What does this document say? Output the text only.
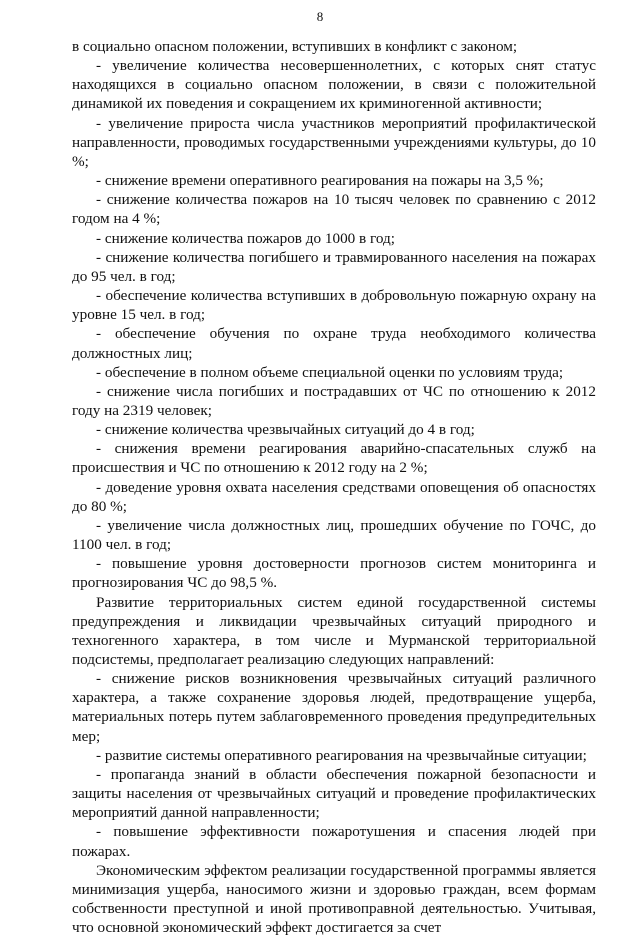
8

в социально опасном положении, вступивших в конфликт с законом;

- увеличение количества несовершеннолетних, с которых снят статус находящихся в социально опасном положении, в связи с положительной динамикой их поведения и сокращением их криминогенной активности;

- увеличение прироста числа участников мероприятий профилактической направленности, проводимых государственными учреждениями культуры, до 10 %;

- снижение времени оперативного реагирования на пожары на 3,5 %;

- снижение количества пожаров на 10 тысяч человек по сравнению с 2012 годом на 4 %;

- снижение количества пожаров до 1000 в год;

- снижение количества погибшего и травмированного населения на пожарах до 95 чел. в год;

- обеспечение количества вступивших в добровольную пожарную охрану на уровне 15 чел. в год;

- обеспечение обучения по охране труда необходимого количества должностных лиц;

- обеспечение в полном объеме специальной оценки по условиям труда;

- снижение числа погибших и пострадавших от ЧС по отношению к 2012 году на 2319 человек;

- снижение количества чрезвычайных ситуаций до 4 в год;

- снижения времени реагирования аварийно-спасательных служб на происшествия и ЧС по отношению к 2012 году на 2 %;

- доведение уровня охвата населения средствами оповещения об опасностях до 80 %;

- увеличение числа должностных лиц, прошедших обучение по ГОЧС, до 1100 чел. в год;

- повышение уровня достоверности прогнозов систем мониторинга и прогнозирования ЧС до 98,5 %.

Развитие территориальных систем единой государственной системы предупреждения и ликвидации чрезвычайных ситуаций природного и техногенного характера, в том числе и Мурманской территориальной подсистемы, предполагает реализацию следующих направлений:

- снижение рисков возникновения чрезвычайных ситуаций различного характера, а также сохранение здоровья людей, предотвращение ущерба, материальных потерь путем заблаговременного проведения предупредительных мер;

- развитие системы оперативного реагирования на чрезвычайные ситуации;

- пропаганда знаний в области обеспечения пожарной безопасности и защиты населения от чрезвычайных ситуаций и проведение профилактических мероприятий данной направленности;

- повышение эффективности пожаротушения и спасения людей при пожарах.

Экономическим эффектом реализации государственной программы является минимизация ущерба, наносимого жизни и здоровью граждан, всем формам собственности преступной и иной противоправной деятельностью. Учитывая, что основной экономический эффект достигается за счет
